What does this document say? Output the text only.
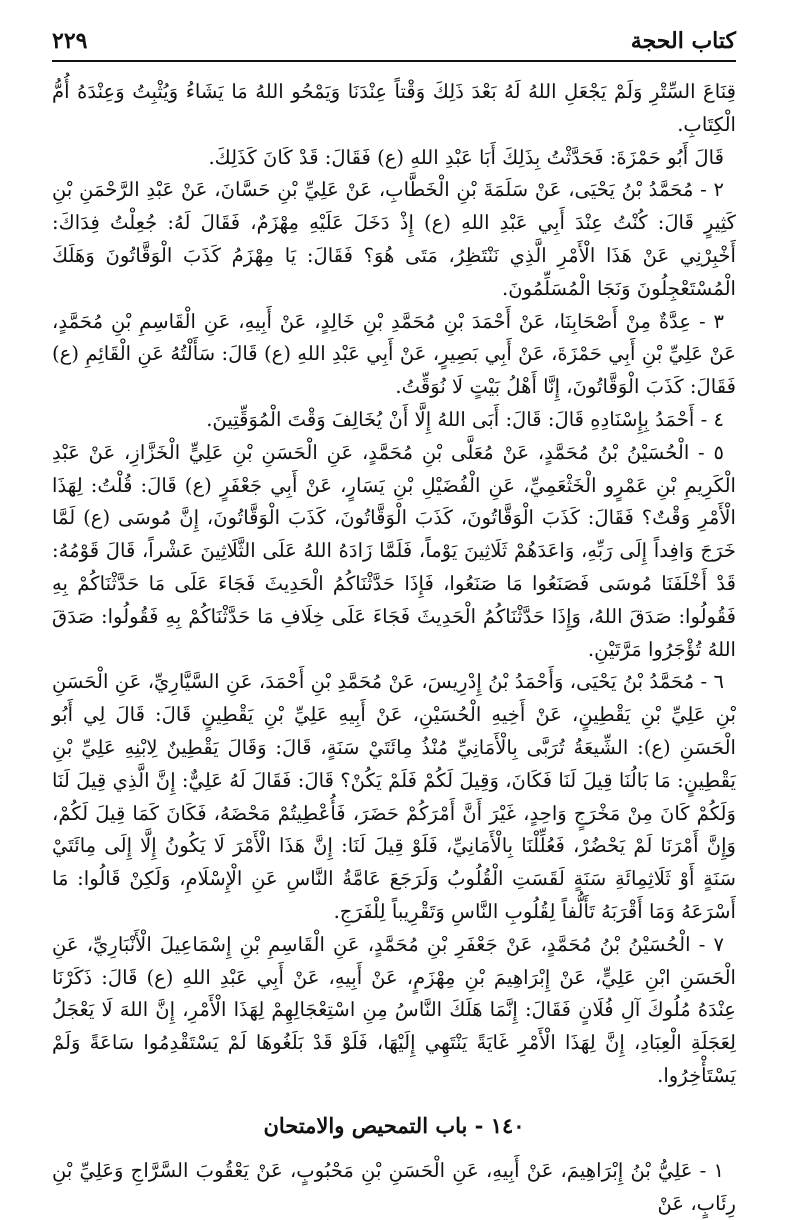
كتاب الحجة
٢٢٩

قِنَاعَ السِّتْرِ وَلَمْ يَجْعَلِ اللهُ لَهُ بَعْدَ ذَلِكَ وَقْتاً عِنْدَنَا وَيَمْحُو اللهُ مَا يَشَاءُ وَيُثْبِتُ وَعِنْدَهُ أُمُّ الْكِتَابِ.

قَالَ أَبُو حَمْزَةَ: فَحَدَّثْتُ بِذَلِكَ أَبَا عَبْدِ اللهِ (ع) فَقَالَ: قَدْ كَانَ كَذَلِكَ.

٢ - مُحَمَّدُ بْنُ يَحْيَى، عَنْ سَلَمَةَ بْنِ الْخَطَّابِ، عَنْ عَلِيِّ بْنِ حَسَّانَ، عَنْ عَبْدِ الرَّحْمَنِ بْنِ كَثِيرٍ قَالَ: كُنْتُ عِنْدَ أَبِي عَبْدِ اللهِ (ع) إِذْ دَخَلَ عَلَيْهِ مِهْزَمٌ، فَقَالَ لَهُ: جُعِلْتُ فِدَاكَ: أَخْبِرْنِي عَنْ هَذَا الْأَمْرِ الَّذِي نَنْتَظِرُ، مَتَى هُوَ؟ فَقَالَ: يَا مِهْزَمُ كَذَبَ الْوَقَّاتُونَ وَهَلَكَ الْمُسْتَعْجِلُونَ وَنَجَا الْمُسَلِّمُونَ.

٣ - عِدَّةٌ مِنْ أَصْحَابِنَا، عَنْ أَحْمَدَ بْنِ مُحَمَّدِ بْنِ خَالِدٍ، عَنْ أَبِيهِ، عَنِ الْقَاسِمِ بْنِ مُحَمَّدٍ، عَنْ عَلِيِّ بْنِ أَبِي حَمْزَةَ، عَنْ أَبِي بَصِيرٍ، عَنْ أَبِي عَبْدِ اللهِ (ع) قَالَ: سَأَلْتُهُ عَنِ الْقَائِمِ (ع) فَقَالَ: كَذَبَ الْوَقَّاتُونَ، إِنَّا أَهْلُ بَيْتٍ لَا نُوَقِّتُ.

٤ - أَحْمَدُ بِإِسْنَادِهِ قَالَ: قَالَ: أَبَى اللهُ إِلَّا أَنْ يُخَالِفَ وَقْتَ الْمُوَقِّتِينَ.

٥ - الْحُسَيْنُ بْنُ مُحَمَّدٍ، عَنْ مُعَلَّى بْنِ مُحَمَّدٍ، عَنِ الْحَسَنِ بْنِ عَلِيٍّ الْخَزَّازِ، عَنْ عَبْدِ الْكَرِيمِ بْنِ عَمْرٍو الْخَثْعَمِيِّ، عَنِ الْفُضَيْلِ بْنِ يَسَارٍ، عَنْ أَبِي جَعْفَرٍ (ع) قَالَ: قُلْتُ: لِهَذَا الْأَمْرِ وَقْتٌ؟ فَقَالَ: كَذَبَ الْوَقَّاتُونَ، كَذَبَ الْوَقَّاتُونَ، كَذَبَ الْوَقَّاتُونَ، إِنَّ مُوسَى (ع) لَمَّا خَرَجَ وَافِداً إِلَى رَبِّهِ، وَاعَدَهُمْ ثَلَاثِينَ يَوْماً، فَلَمَّا زَادَهُ اللهُ عَلَى الثَّلَاثِينَ عَشْراً، قَالَ قَوْمُهُ: قَدْ أَخْلَفَنَا مُوسَى فَصَنَعُوا مَا صَنَعُوا، فَإِذَا حَدَّثْنَاكُمُ الْحَدِيثَ فَجَاءَ عَلَى مَا حَدَّثْنَاكُمْ بِهِ فَقُولُوا: صَدَقَ اللهُ، وَإِذَا حَدَّثْنَاكُمُ الْحَدِيثَ فَجَاءَ عَلَى خِلَافِ مَا حَدَّثْنَاكُمْ بِهِ فَقُولُوا: صَدَقَ اللهُ تُؤْجَرُوا مَرَّتَيْنِ.

٦ - مُحَمَّدُ بْنُ يَحْيَى، وَأَحْمَدُ بْنُ إِدْرِيسَ، عَنْ مُحَمَّدِ بْنِ أَحْمَدَ، عَنِ السَّيَّارِيِّ، عَنِ الْحَسَنِ بْنِ عَلِيِّ بْنِ يَقْطِينٍ، عَنْ أَخِيهِ الْحُسَيْنِ، عَنْ أَبِيهِ عَلِيِّ بْنِ يَقْطِينٍ قَالَ: قَالَ لِي أَبُو الْحَسَنِ (ع): الشِّيعَةُ تُرَبَّى بِالْأَمَانِيِّ مُنْذُ مِائَتَيْ سَنَةٍ، قَالَ: وَقَالَ يَقْطِينٌ لِابْنِهِ عَلِيِّ بْنِ يَقْطِينٍ: مَا بَالُنَا قِيلَ لَنَا فَكَانَ، وَقِيلَ لَكُمْ فَلَمْ يَكُنْ؟ قَالَ: فَقَالَ لَهُ عَلِيٌّ: إِنَّ الَّذِي قِيلَ لَنَا وَلَكُمْ كَانَ مِنْ مَخْرَجٍ وَاحِدٍ، غَيْرَ أَنَّ أَمْرَكُمْ حَضَرَ، فَأُعْطِيتُمْ مَحْضَهُ، فَكَانَ كَمَا قِيلَ لَكُمْ، وَإِنَّ أَمْرَنَا لَمْ يَحْضُرْ، فَعُلِّلْنَا بِالْأَمَانِيِّ، فَلَوْ قِيلَ لَنَا: إِنَّ هَذَا الْأَمْرَ لَا يَكُونُ إِلَّا إِلَى مِائَتَيْ سَنَةٍ أَوْ ثَلَاثِمِائَةِ سَنَةٍ لَقَسَتِ الْقُلُوبُ وَلَرَجَعَ عَامَّةُ النَّاسِ عَنِ الْإِسْلَامِ، وَلَكِنْ قَالُوا: مَا أَسْرَعَهُ وَمَا أَقْرَبَهُ تَأَلُّفاً لِقُلُوبِ النَّاسِ وَتَقْرِيباً لِلْفَرَجِ.

٧ - الْحُسَيْنُ بْنُ مُحَمَّدٍ، عَنْ جَعْفَرِ بْنِ مُحَمَّدٍ، عَنِ الْقَاسِمِ بْنِ إِسْمَاعِيلَ الْأَنْبَارِيِّ، عَنِ الْحَسَنِ ابْنِ عَلِيٍّ، عَنْ إِبْرَاهِيمَ بْنِ مِهْزَمٍ، عَنْ أَبِيهِ، عَنْ أَبِي عَبْدِ اللهِ (ع) قَالَ: ذَكَرْنَا عِنْدَهُ مُلُوكَ آلِ فُلَانٍ فَقَالَ: إِنَّمَا هَلَكَ النَّاسُ مِنِ اسْتِعْجَالِهِمْ لِهَذَا الْأَمْرِ، إِنَّ اللهَ لَا يَعْجَلُ لِعَجَلَةِ الْعِبَادِ، إِنَّ لِهَذَا الْأَمْرِ غَايَةً يَنْتَهِي إِلَيْهَا، فَلَوْ قَدْ بَلَغُوهَا لَمْ يَسْتَقْدِمُوا سَاعَةً وَلَمْ يَسْتَأْخِرُوا.

١٤٠ - باب التمحيص والامتحان

١ - عَلِيُّ بْنُ إِبْرَاهِيمَ، عَنْ أَبِيهِ، عَنِ الْحَسَنِ بْنِ مَحْبُوبٍ، عَنْ يَعْقُوبَ السَّرَّاجِ وَعَلِيِّ بْنِ رِئَابٍ، عَنْ
